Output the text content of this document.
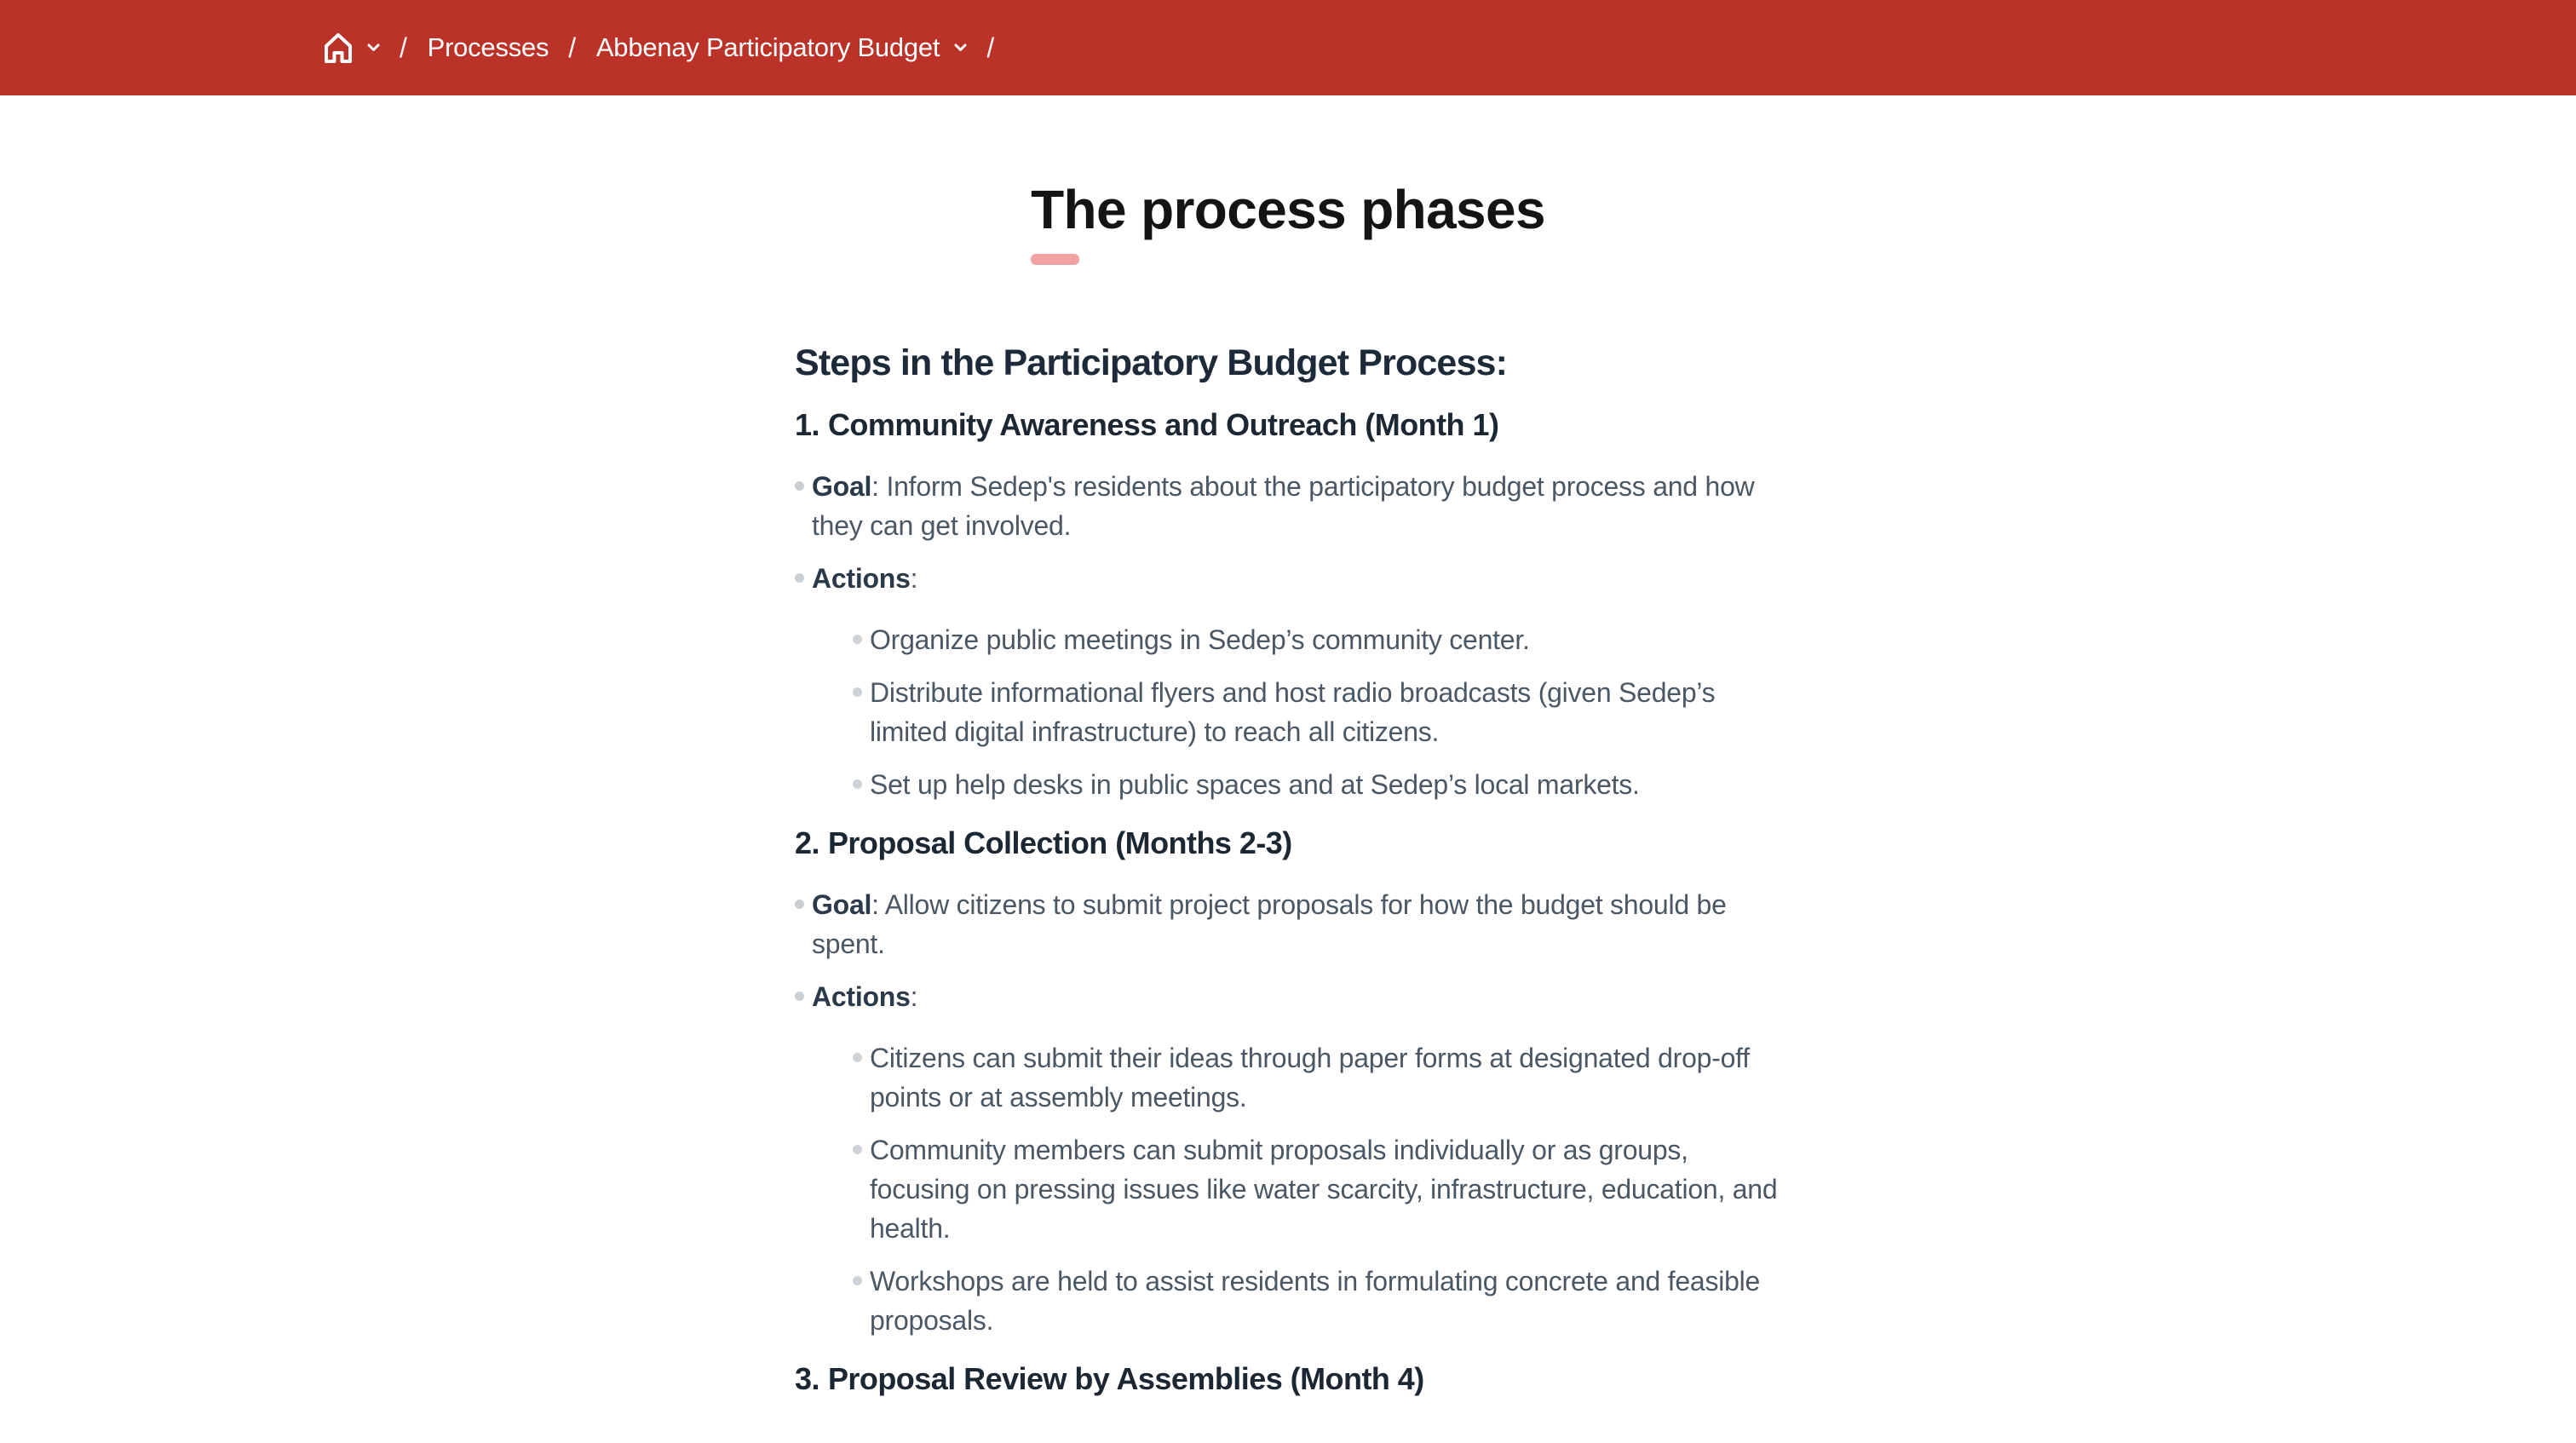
/ Processes / Abbenay Participatory Budget /
The process phases
Steps in the Participatory Budget Process:
1. Community Awareness and Outreach (Month 1)
Goal: Inform Sedep's residents about the participatory budget process and how they can get involved.
Actions:
Organize public meetings in Sedep’s community center.
Distribute informational flyers and host radio broadcasts (given Sedep’s limited digital infrastructure) to reach all citizens.
Set up help desks in public spaces and at Sedep’s local markets.
2. Proposal Collection (Months 2-3)
Goal: Allow citizens to submit project proposals for how the budget should be spent.
Actions:
Citizens can submit their ideas through paper forms at designated drop-off points or at assembly meetings.
Community members can submit proposals individually or as groups, focusing on pressing issues like water scarcity, infrastructure, education, and health.
Workshops are held to assist residents in formulating concrete and feasible proposals.
3. Proposal Review by Assemblies (Month 4)
